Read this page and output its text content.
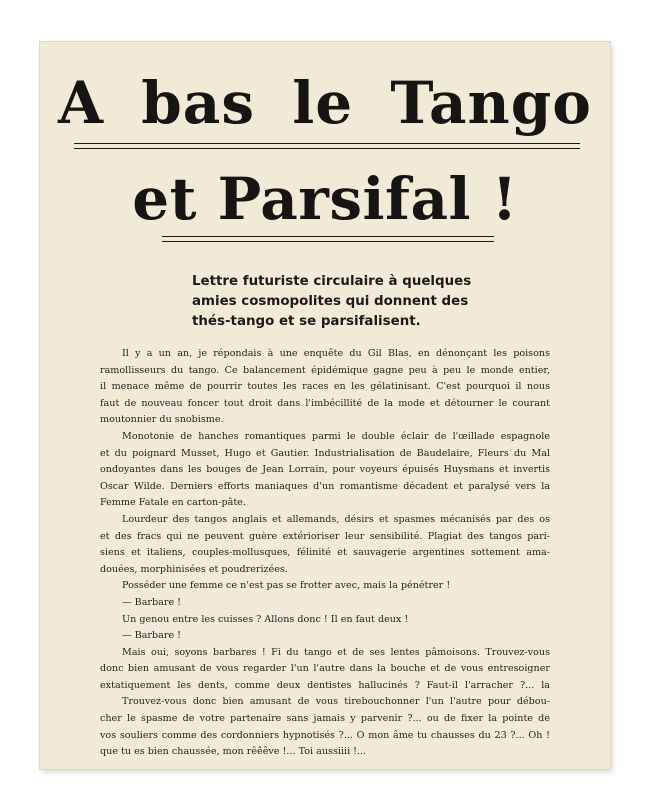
A bas le Tango
et Parsifal !
Lettre futuriste circulaire à quelques
amies cosmopolites qui donnent des
thés-tango et se parsifalisent.
Il y a un an, je répondais à une enquête du Gil Blas, en dénonçant les poisons
ramollisseurs du tango. Ce balancement épidémique gagne peu à peu le monde entier,
il menace même de pourrir toutes les races en les gélatinisant. C'est pourquoi il nous
faut de nouveau foncer tout droit dans l'imbécillité de la mode et détourner le courant
moutonnier du snobisme.
Monotonie de hanches romantiques parmi le double éclair de l'œillade espagnole
et du poignard Musset, Hugo et Gautier. Industrialisation de Baudelaire, Fleurs du Mal
ondoyantes dans les bouges de Jean Lorrain, pour voyeurs épuisés Huysmans et invertis
Oscar Wilde. Derniers efforts maniaques d'un romantisme décadent et paralysé vers la
Femme Fatale en carton-pâte.
Lourdeur des tangos anglais et allemands, désirs et spasmes mécanisés par des os
et des fracs qui ne peuvent guère extérioriser leur sensibilité. Plagiat des tangos pari-
siens et italiens, couples-mollusques, félinité et sauvagerie argentines sottement ama-
douées, morphinisées et poudrerizées.
Posséder une femme ce n'est pas se frotter avec, mais la pénétrer !
— Barbare !
Un genou entre les cuisses ? Allons donc ! Il en faut deux !
— Barbare !
Mais oui, soyons barbares ! Fi du tango et de ses lentes pâmoisons. Trouvez-vous
donc bien amusant de vous regarder l'un l'autre dans la bouche et de vous entresoigner
extatiquement les dents, comme deux dentistes hallucinés ? Faut-il l'arracher ?... la
Trouvez-vous donc bien amusant de vous tirebouchonner l'un l'autre pour débou-
cher le spasme de votre partenaire sans jamais y parvenir ?... ou de fixer la pointe de
vos souliers comme des cordonniers hypnotisés ?... O mon âme tu chausses du 23 ?... Oh !
que tu es bien chaussée, mon rêêêve !... Toi aussiiii !...
